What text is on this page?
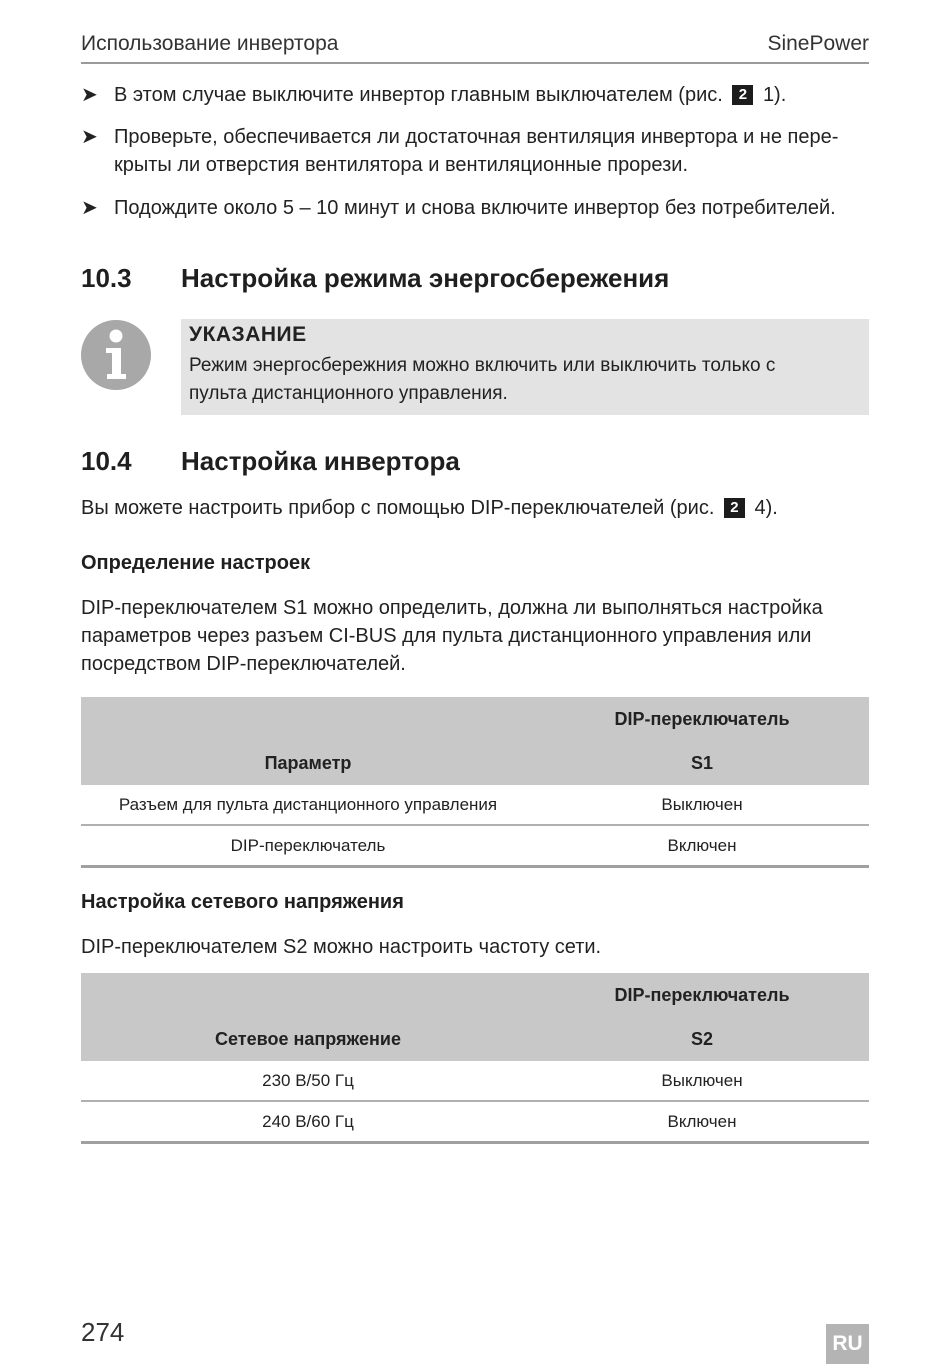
Использование инвертора	SinePower
➤ В этом случае выключите инвертор главным выключателем (рис. 2 1).
➤ Проверьте, обеспечивается ли достаточная вентиляция инвертора и не перекрыты ли отверстия вентилятора и вентиляционные прорези.
➤ Подождите около 5 – 10 минут и снова включите инвертор без потребителей.
10.3 Настройка режима энергосбережения
УКАЗАНИЕ
Режим энергосбережния можно включить или выключить только с пульта дистанционного управления.
10.4 Настройка инвертора
Вы можете настроить прибор с помощью DIP-переключателей (рис. 2 4).
Определение настроек
DIP-переключателем S1 можно определить, должна ли выполняться настройка параметров через разъем CI-BUS для пульта дистанционного управления или посредством DIP-переключателей.
	DIP-переключатель
Параметр	S1
Разъем для пульта дистанционного управления	Выключен
DIP-переключатель	Включен
Настройка сетевого напряжения
DIP-переключателем S2 можно настроить частоту сети.
	DIP-переключатель
Сетевое напряжение	S2
230 В/50 Гц	Выключен
240 В/60 Гц	Включен
274	RU
